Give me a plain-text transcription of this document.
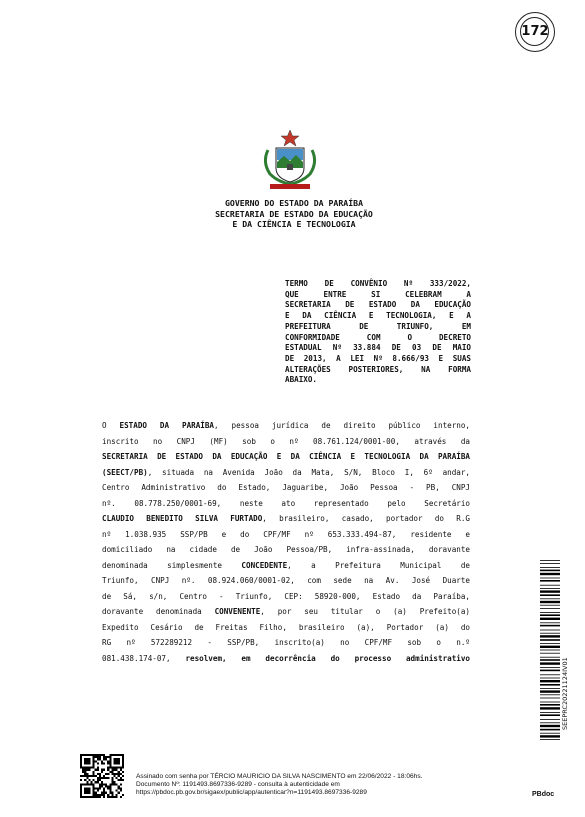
172
GOVERNO DO ESTADO DA PARAÍBA
SECRETARIA DE ESTADO DA EDUCAÇÃO
E DA CIÊNCIA E TECNOLOGIA
TERMO DE CONVÊNIO Nº 333/2022,
QUE ENTRE SI CELEBRAM A
SECRETARIA DE ESTADO DA EDUCAÇÃO
E DA CIÊNCIA E TECNOLOGIA, E A
PREFEITURA DE TRIUNFO, EM
CONFORMIDADE COM O DECRETO
ESTADUAL Nº 33.884 DE 03 DE MAIO
DE 2013, A LEI Nº 8.666/93 E SUAS
ALTERAÇÕES POSTERIORES, NA FORMA
ABAIXO.
O ESTADO DA PARAÍBA, pessoa jurídica de direito público interno,
inscrito no CNPJ (MF) sob o nº 08.761.124/0001-00, através da
SECRETARIA DE ESTADO DA EDUCAÇÃO E DA CIÊNCIA E TECNOLOGIA DA PARAÍBA
(SEECT/PB), situada na Avenida João da Mata, S/N, Bloco I, 6º andar,
Centro Administrativo do Estado, Jaguaribe, João Pessoa - PB, CNPJ
nº. 08.778.250/0001-69, neste ato representado pelo Secretário
CLAUDIO BENEDITO SILVA FURTADO, brasileiro, casado, portador do R.G
nº 1.038.935 SSP/PB e do CPF/MF nº 653.333.494-87, residente e
domiciliado na cidade de João Pessoa/PB, infra-assinada, doravante
denominada simplesmente CONCEDENTE, a Prefeitura Municipal de
Triunfo, CNPJ nº. 08.924.060/0001-02, com sede na Av. José Duarte
de Sá, s/n, Centro - Triunfo, CEP: 58920-000, Estado da Paraíba,
doravante denominada CONVENENTE, por seu titular o (a) Prefeito(a)
Expedito Cesário de Freitas Filho, brasileiro (a), Portador (a) do
RG nº 572289212 - SSP/PB, inscrito(a) no CPF/MF sob o n.º
081.438.174-07, resolvem, em decorrência do processo administrativo	SEEPRC20221124IV01
Assinado com senha por TÉRCIO MAURICIO DA SILVA NASCIMENTO em 22/06/2022 - 18:06hs.
Documento Nº: 1191493.8697336-9289 - consulta à autenticidade em
https://pbdoc.pb.gov.br/sigaex/public/app/autenticar?n=1191493.8697336-9289	PBdoc
